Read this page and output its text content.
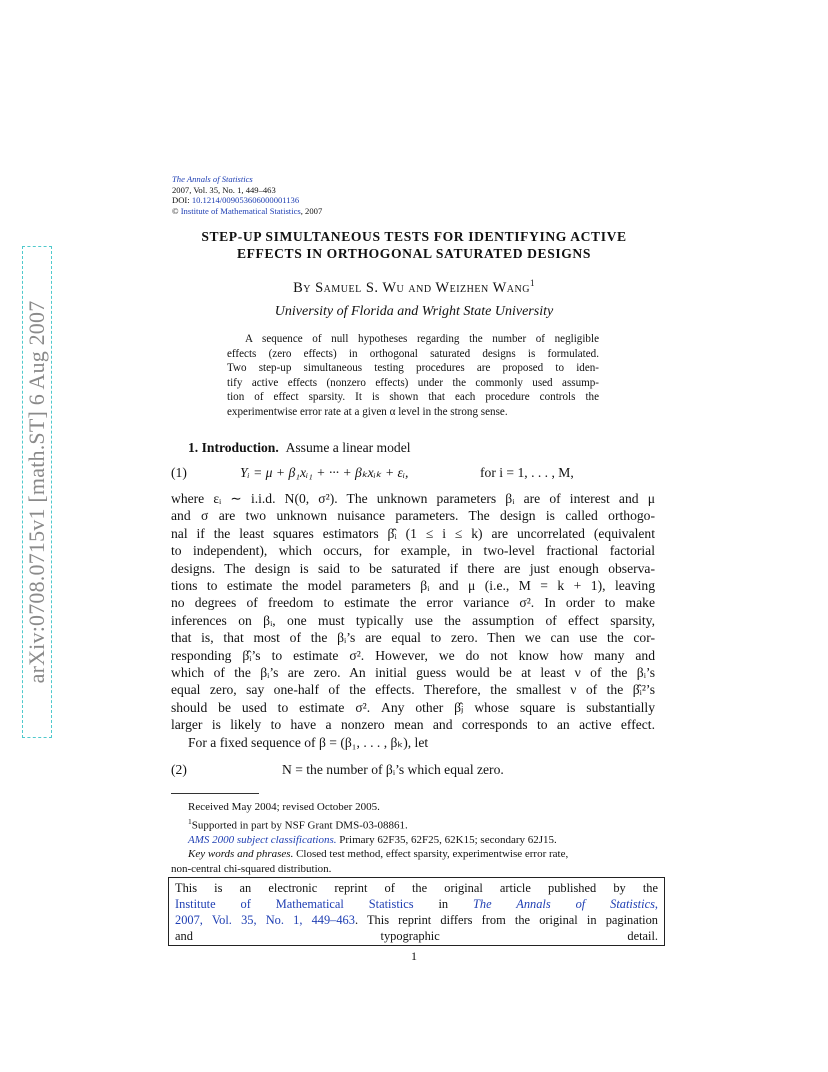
arXiv:0708.0715v1 [math.ST] 6 Aug 2007
The Annals of Statistics
2007, Vol. 35, No. 1, 449–463
DOI: 10.1214/009053606000001136
© Institute of Mathematical Statistics, 2007
STEP-UP SIMULTANEOUS TESTS FOR IDENTIFYING ACTIVE
EFFECTS IN ORTHOGONAL SATURATED DESIGNS
By Samuel S. Wu and Weizhen Wang$^1$
University of Florida and Wright State University
A sequence of null hypotheses regarding the number of negligible
effects (zero effects) in orthogonal saturated designs is formulated.
Two step-up simultaneous testing procedures are proposed to iden-
tify active effects (nonzero effects) under the commonly used assump-
tion of effect sparsity. It is shown that each procedure controls the
experimentwise error rate at a given α level in the strong sense.
1. Introduction. Assume a linear model
(1)	Yᵢ = μ + β₁xᵢ₁ + ··· + βₖxᵢₖ + εᵢ,	for i = 1, . . . , M,
where εᵢ ∼ i.i.d. N(0, σ²). The unknown parameters βᵢ are of interest and μ
and σ are two unknown nuisance parameters. The design is called orthogo-
nal if the least squares estimators β̂ᵢ (1 ≤ i ≤ k) are uncorrelated (equivalent
to independent), which occurs, for example, in two-level fractional factorial
designs. The design is said to be saturated if there are just enough observa-
tions to estimate the model parameters βᵢ and μ (i.e., M = k + 1), leaving
no degrees of freedom to estimate the error variance σ². In order to make
inferences on βᵢ, one must typically use the assumption of effect sparsity,
that is, that most of the βᵢ’s are equal to zero. Then we can use the cor-
responding β̂ᵢ’s to estimate σ². However, we do not know how many and
which of the βᵢ’s are zero. An initial guess would be at least ν of the βᵢ’s
equal zero, say one-half of the effects. Therefore, the smallest ν of the β̂ᵢ²’s
should be used to estimate σ². Any other β̂ⱼ whose square is substantially
larger is likely to have a nonzero mean and corresponds to an active effect.
For a fixed sequence of β = (β₁, . . . , βₖ), let
(2)	N = the number of βᵢ’s which equal zero.
Received May 2004; revised October 2005.
$^1$Supported in part by NSF Grant DMS-03-08861.
AMS 2000 subject classifications. Primary 62F35, 62F25, 62K15; secondary 62J15.
Key words and phrases. Closed test method, effect sparsity, experimentwise error rate,
non-central chi-squared distribution.
This is an electronic reprint of the original article published by the
Institute of Mathematical Statistics in The Annals of Statistics,
2007, Vol. 35, No. 1, 449–463. This reprint differs from the original in pagination
and typographic detail.
1
